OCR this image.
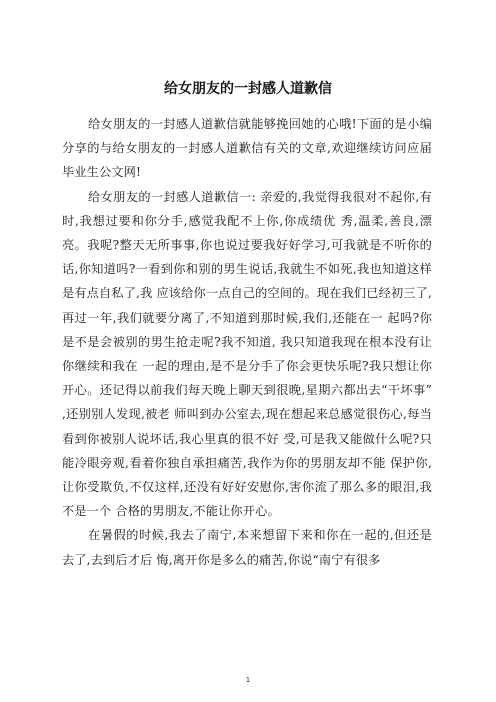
给女朋友的一封感人道歉信

给女朋友的一封感人道歉信就能够挽回她的心哦!下面的是小编分享的与给女朋友的一封感人道歉信有关的文章,欢迎继续访问应届毕业生公文网!

给女朋友的一封感人道歉信一: 亲爱的,我觉得我很对不起你,有时,我想过要和你分手,感觉我配不上你,你成绩优 秀,温柔,善良,漂亮。我呢?整天无所事事,你也说过要我好好学习,可我就是不听你的 话,你知道吗?一看到你和别的男生说话,我就生不如死,我也知道这样是有点自私了,我 应该给你一点自己的空间的。现在我们已经初三了,再过一年,我们就要分离了,不知道到那时候,我们,还能在一 起吗?你是不是会被别的男生抢走呢?我不知道, 我只知道我现在根本没有让你继续和我在 一起的理由,是不是分手了你会更快乐呢?我只想让你开心。还记得以前我们每天晚上聊天到很晚,星期六都出去“干坏事” ,还别别人发现,被老 师叫到办公室去,现在想起来总感觉很伤心,每当看到你被别人说坏话,我心里真的很不好 受,可是我又能做什么呢?只能冷眼旁观,看着你独自承担痛苦,我作为你的男朋友却不能 保护你,让你受欺负,不仅这样,还没有好好安慰你,害你流了那么多的眼泪,我不是一个 合格的男朋友,不能让你开心。

在暑假的时候,我去了南宁,本来想留下来和你在一起的,但还是去了,去到后才后 悔,离开你是多么的痛苦,你说“南宁有很多

1
